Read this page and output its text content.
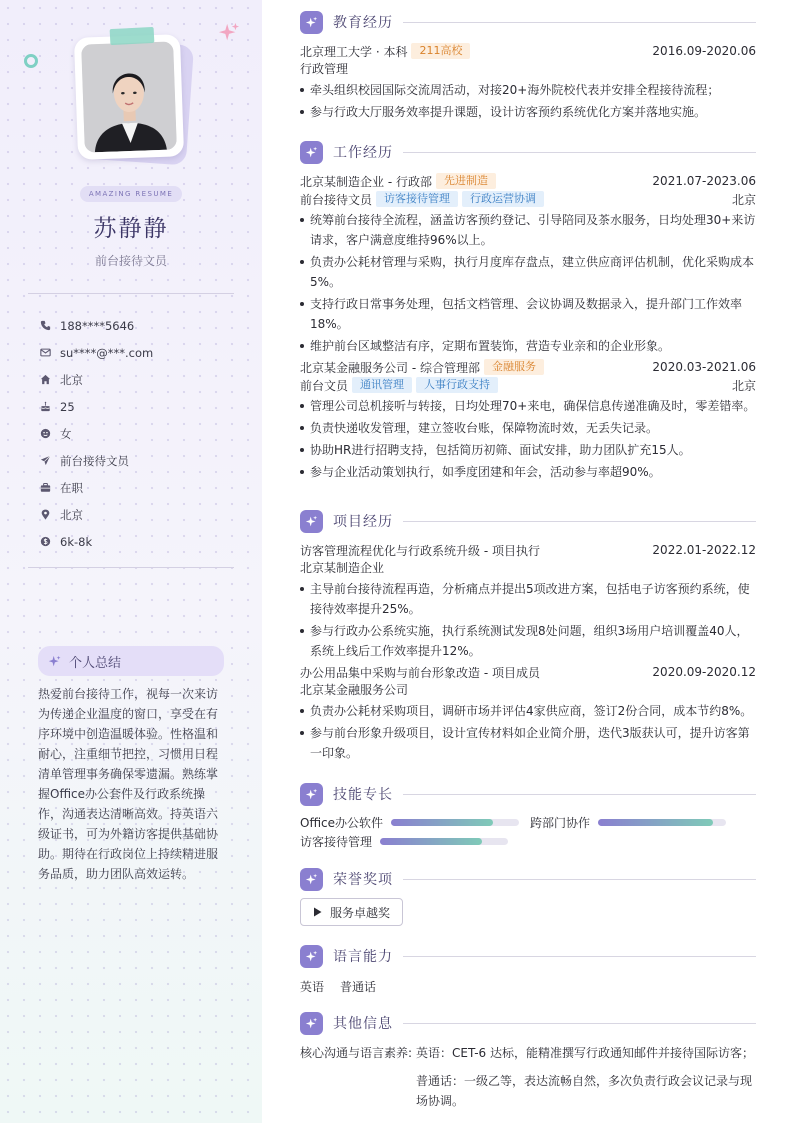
AMAZING RESUME
苏静静
前台接待文员
188****5646
su****@***.com
北京
25
女
前台接待文员
在职
北京
6k-8k
个人总结
热爱前台接待工作，视每一次来访为传递企业温度的窗口，享受在有序环境中创造温暖体验。性格温和耐心，注重细节把控，习惯用日程清单管理事务确保零遗漏。熟练掌握Office办公套件及行政系统操作，沟通表达清晰高效。持英语六级证书，可为外籍访客提供基础协助。期待在行政岗位上持续精进服务品质，助力团队高效运转。
教育经历
北京理工大学 · 本科	211高校	2016.09-2020.06
行政管理
牵头组织校园国际交流周活动，对接20+海外院校代表并安排全程接待流程；
参与行政大厅服务效率提升课题，设计访客预约系统优化方案并落地实施。
工作经历
北京某制造企业 - 行政部	先进制造	2021.07-2023.06
前台接待文员	访客接待管理	行政运营协调	北京
统筹前台接待全流程，涵盖访客预约登记、引导陪同及茶水服务，日均处理30+来访请求，客户满意度维持96%以上。
负责办公耗材管理与采购，执行月度库存盘点，建立供应商评估机制，优化采购成本5%。
支持行政日常事务处理，包括文档管理、会议协调及数据录入，提升部门工作效率18%。
维护前台区域整洁有序，定期布置装饰，营造专业亲和的企业形象。
北京某金融服务公司 - 综合管理部	金融服务	2020.03-2021.06
前台文员	通讯管理	人事行政支持	北京
管理公司总机接听与转接，日均处理70+来电，确保信息传递准确及时，零差错率。
负责快递收发管理，建立签收台账，保障物流时效，无丢失记录。
协助HR进行招聘支持，包括简历初筛、面试安排，助力团队扩充15人。
参与企业活动策划执行，如季度团建和年会，活动参与率超90%。
项目经历
访客管理流程优化与行政系统升级 - 项目执行	2022.01-2022.12
北京某制造企业
主导前台接待流程再造，分析痛点并提出5项改进方案，包括电子访客预约系统，使接待效率提升25%。
参与行政办公系统实施，执行系统测试发现8处问题，组织3场用户培训覆盖40人，系统上线后工作效率提升12%。
办公用品集中采购与前台形象改造 - 项目成员	2020.09-2020.12
北京某金融服务公司
负责办公耗材采购项目，调研市场并评估4家供应商，签订2份合同，成本节约8%。
参与前台形象升级项目，设计宣传材料如企业简介册，迭代3版获认可，提升访客第一印象。
技能专长
Office办公软件	跨部门协作
访客接待管理
荣誉奖项
服务卓越奖
语言能力
英语 普通话
其他信息
核心沟通与语言素养: 英语：CET-6 达标，能精准撰写行政通知邮件并接待国际访客；
普通话：一级乙等，表达流畅自然，多次负责行政会议记录与现场协调。
